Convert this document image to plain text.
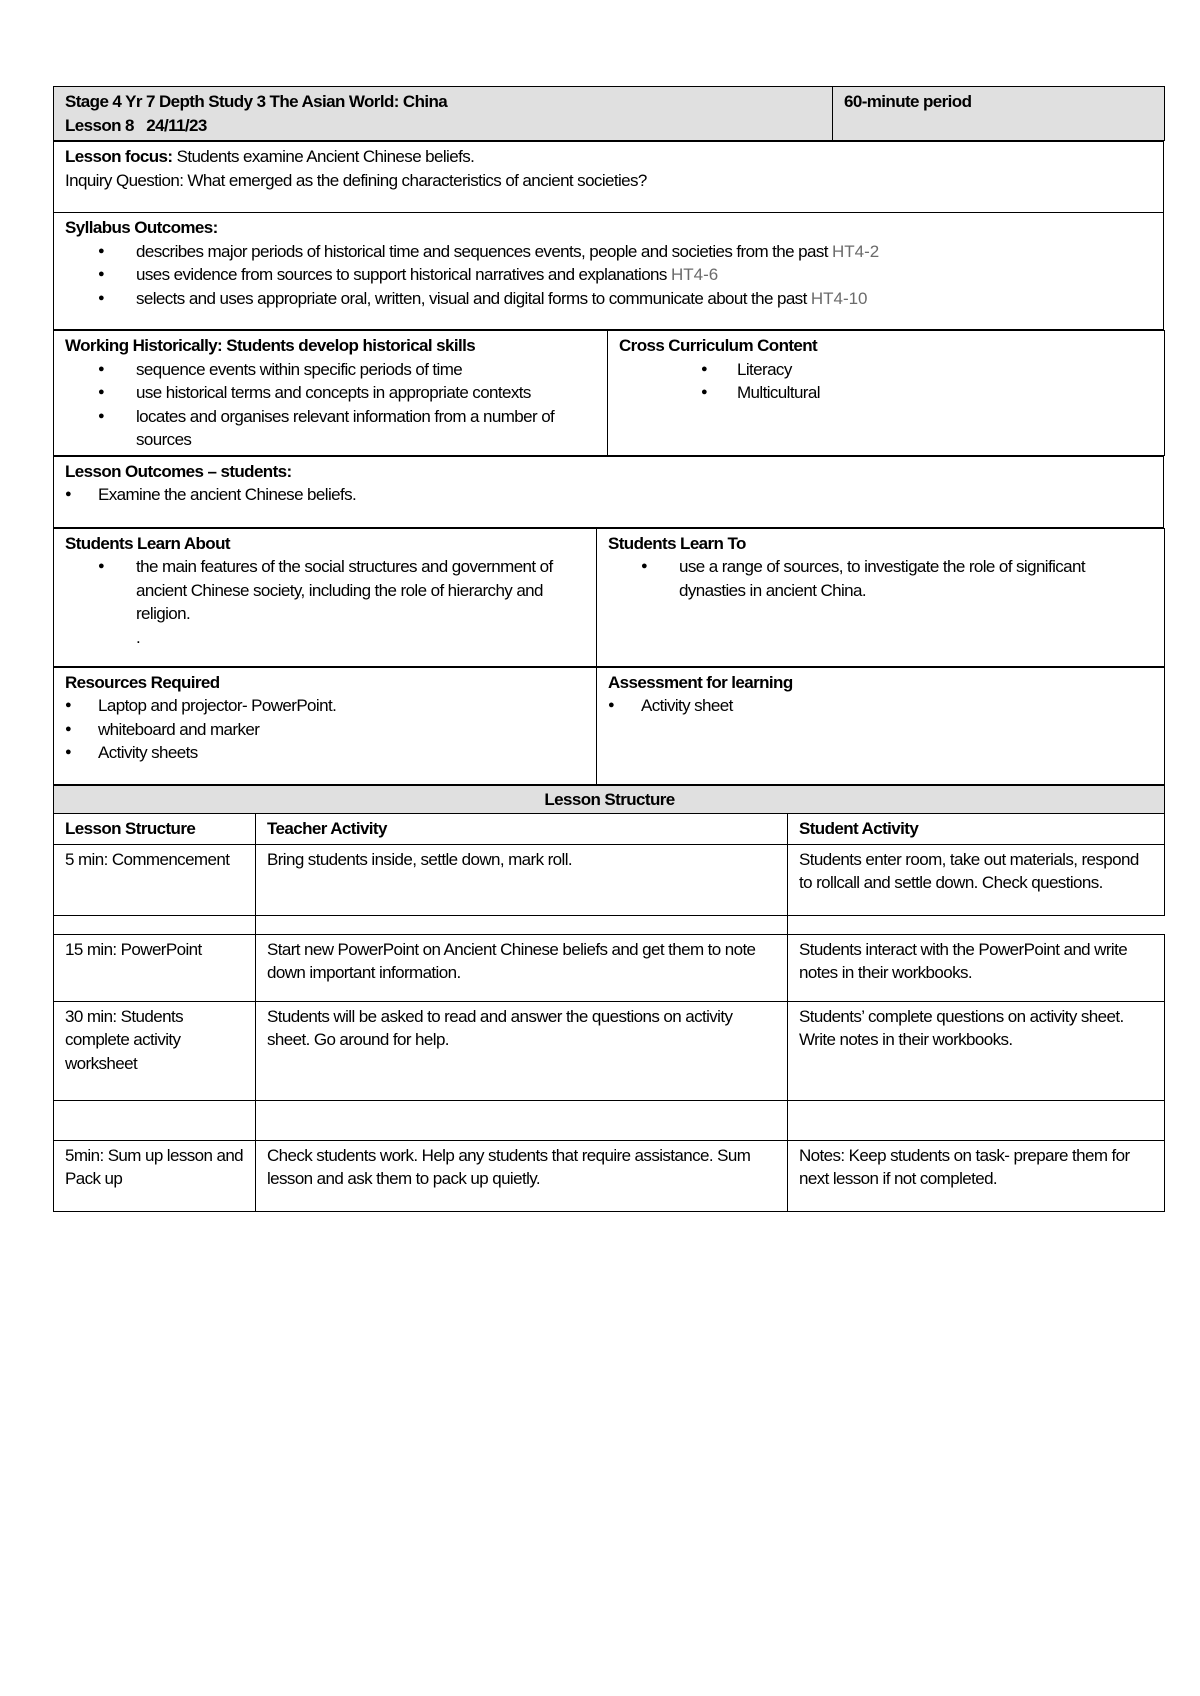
Stage 4 Yr 7 Depth Study 3 The Asian World: China
Lesson 8 24/11/23
	60-minute period
Lesson focus: Students examine Ancient Chinese beliefs.
Inquiry Question: What emerged as the defining characteristics of ancient societies?

Syllabus Outcomes:
● describes major periods of historical time and sequences events, people and societies from the past HT4-2
● uses evidence from sources to support historical narratives and explanations HT4-6
● selects and uses appropriate oral, written, visual and digital forms to communicate about the past HT4-10
Working Historically: Students develop historical skills
● sequence events within specific periods of time
● use historical terms and concepts in appropriate contexts
● locates and organises relevant information from a number of sources

Cross Curriculum Content
● Literacy
● Multicultural
Lesson Outcomes – students:
● Examine the ancient Chinese beliefs.
Students Learn About
● the main features of the social structures and government of ancient Chinese society, including the role of hierarchy and religion.
.

Students Learn To
● use a range of sources, to investigate the role of significant dynasties in ancient China.
Resources Required
● Laptop and projector- PowerPoint.
● whiteboard and marker
● Activity sheets

Assessment for learning
● Activity sheet
Lesson Structure		
Lesson Structure	Teacher Activity	Student Activity
5 min: Commencement	Bring students inside, settle down, mark roll.	Students enter room, take out materials, respond to rollcall and settle down. Check questions.

15 min: PowerPoint	Start new PowerPoint on Ancient Chinese beliefs and get them to note down important information.	Students interact with the PowerPoint and write notes in their workbooks.
30 min: Students complete activity worksheet	Students will be asked to read and answer the questions on activity sheet. Go around for help.	Students’ complete questions on activity sheet. Write notes in their workbooks.

5min: Sum up lesson and Pack up	Check students work. Help any students that require assistance. Sum lesson and ask them to pack up quietly.	Notes: Keep students on task- prepare them for next lesson if not completed.
